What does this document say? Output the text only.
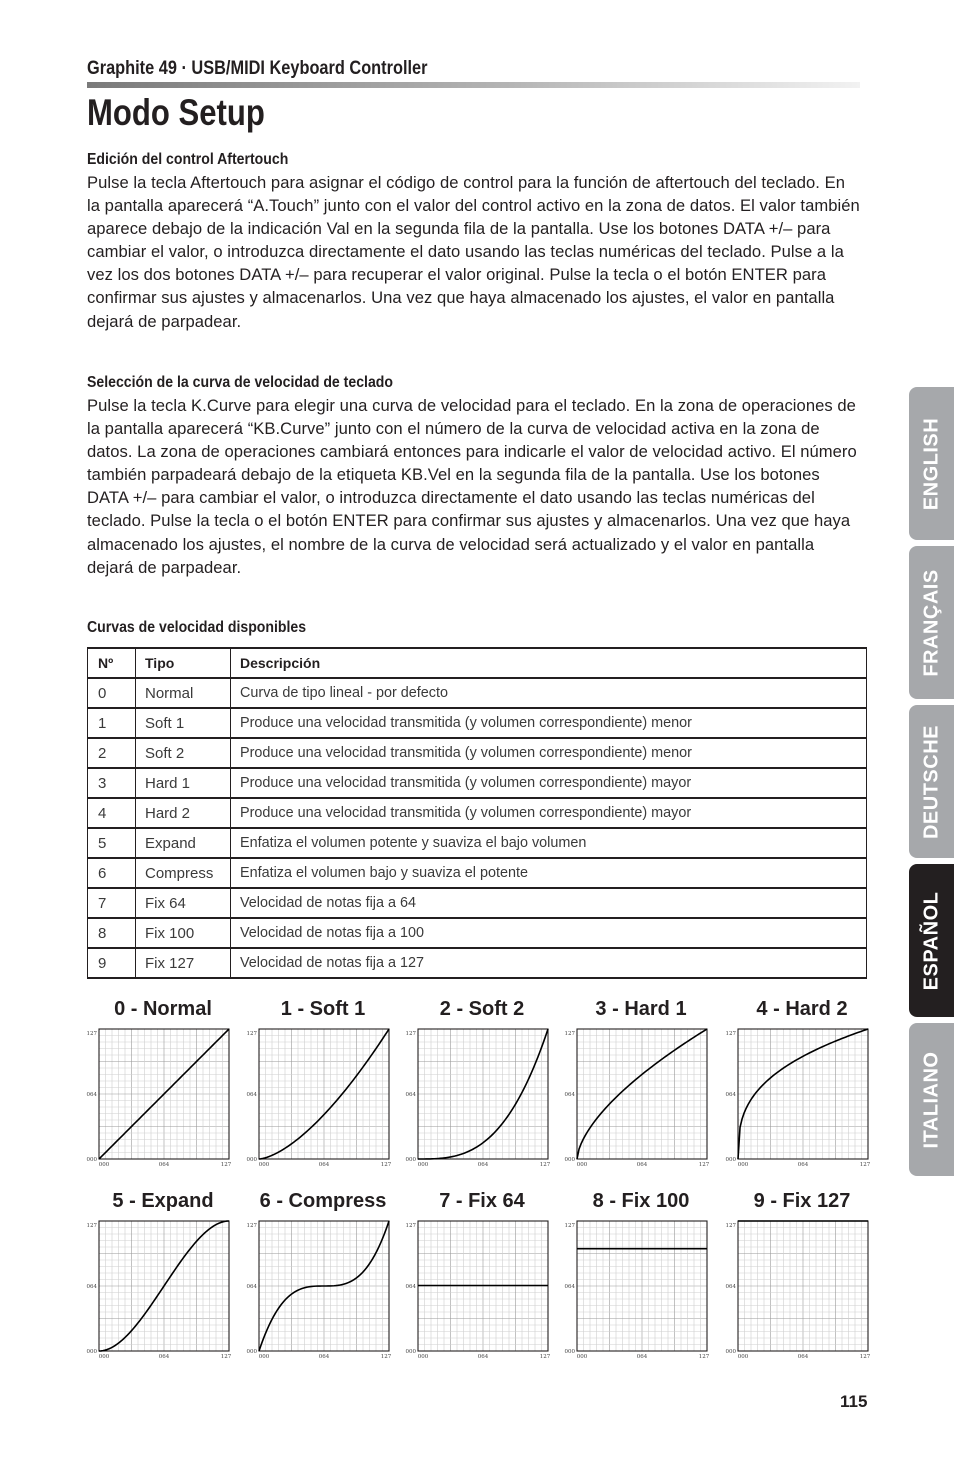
Graphite 49 · USB/MIDI Keyboard Controller
Modo Setup
Edición del control Aftertouch

Pulse la tecla Aftertouch para asignar el código de control para la función de aftertouch del teclado. En la pantalla aparecerá “A.Touch” junto con el valor del control activo en la zona de datos. El valor también aparece debajo de la indicación Val en la segunda fila de la pantalla. Use los botones DATA +/– para cambiar el valor, o introduzca directamente el dato usando las teclas numéricas del teclado. Pulse a la vez los dos botones DATA +/– para recuperar el valor original. Pulse la tecla o el botón ENTER para confirmar sus ajustes y almacenarlos. Una vez que haya almacenado los ajustes, el valor en pantalla dejará de parpadear.

Selección de la curva de velocidad de teclado

Pulse la tecla K.Curve para elegir una curva de velocidad para el teclado. En la zona de operaciones de la pantalla aparecerá “KB.Curve” junto con el número de la curva de velocidad activa en la zona de datos. La zona de operaciones cambiará entonces para indicarle el valor de velocidad activo. El número también parpadeará debajo de la etiqueta KB.Vel en la segunda fila de la pantalla. Use los botones DATA +/– para cambiar el valor, o introduzca directamente el dato usando las teclas numéricas del teclado. Pulse la tecla o el botón ENTER para confirmar sus ajustes y almacenarlos. Una vez que haya almacenado los ajustes, el nombre de la curva de velocidad será actualizado y el valor en pantalla dejará de parpadear.

Curvas de velocidad disponibles
Nº	Tipo	Descripción
0	Normal	Curva de tipo lineal - por defecto
1	Soft 1	Produce una velocidad transmitida (y volumen correspondiente) menor
2	Soft 2	Produce una velocidad transmitida (y volumen correspondiente) menor
3	Hard 1	Produce una velocidad transmitida (y volumen correspondiente) mayor
4	Hard 2	Produce una velocidad transmitida (y volumen correspondiente) mayor
5	Expand	Enfatiza el volumen potente y suaviza el bajo volumen
6	Compress	Enfatiza el volumen bajo y suaviza el potente
7	Fix 64	Velocidad de notas fija a 64
8	Fix 100	Velocidad de notas fija a 100
9	Fix 127	Velocidad de notas fija a 127
0 - Normal
000
064
127
000	064	127
1 - Soft 1
000
064
127
000	064	127
2 - Soft 2
000
064
127
000	064	127
3 - Hard 1
000
064
127
000	064	127
4 - Hard 2
000
064
127
000	064	127
5 - Expand
000
064
127
000	064	127
6 - Compress
000
064
127
000	064	127
7 - Fix 64
000
064
127
000	064	127
8 - Fix 100
000
064
127
000	064	127
9 - Fix 127
000
064
127
000	064	127
ENGLISH
FRANÇAIS
DEUTSCHE
ESPAÑOL
ITALIANO
115
